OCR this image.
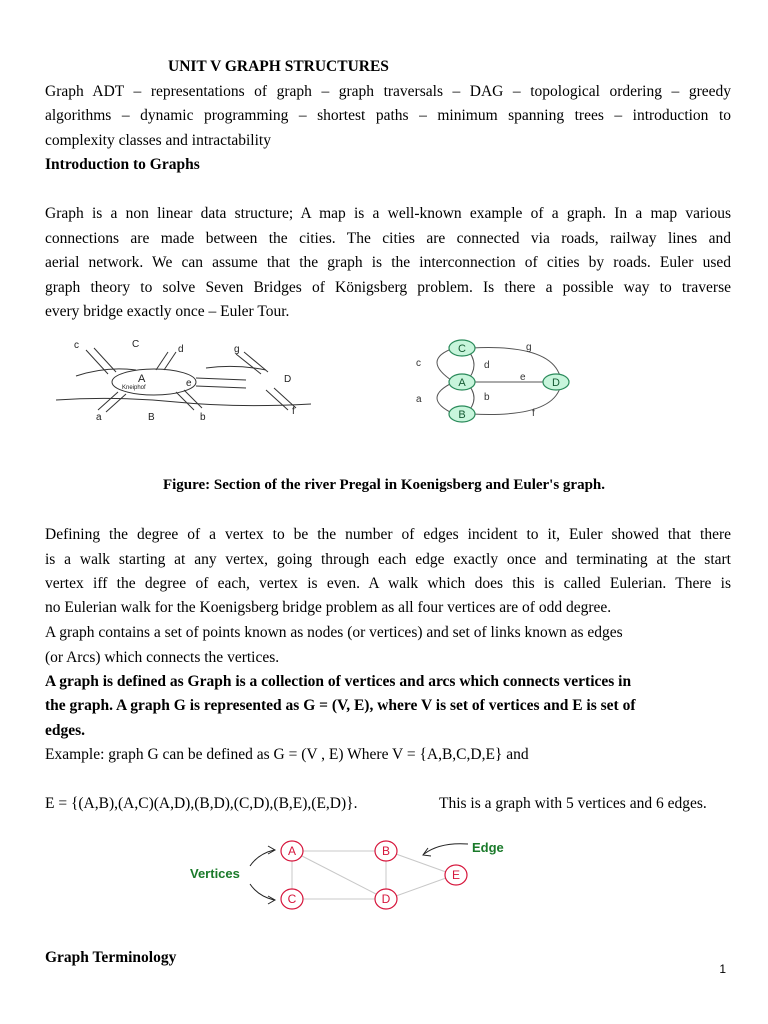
UNIT V GRAPH STRUCTURES
Graph ADT – representations of graph – graph traversals – DAG – topological ordering – greedy
algorithms – dynamic programming – shortest paths – minimum spanning trees – introduction to
complexity classes and intractability
Introduction to Graphs
Graph is a non linear data structure; A map is a well-known example of a graph. In a map various
connections are made between the cities. The cities are connected via roads, railway lines and
aerial network. We can assume that the graph is the interconnection of cities by roads. Euler used
graph theory to solve Seven Bridges of Königsberg problem. Is there a possible way to traverse
every bridge exactly once – Euler Tour.
c	C	d	g
A
Kneiphof	e	D
a	B	b
f
C
A
B
D
g
c	d
e
a	b
f
Figure: Section of the river Pregal in Koenigsberg and Euler's graph.
Defining the degree of a vertex to be the number of edges incident to it, Euler showed that there
is a walk starting at any vertex, going through each edge exactly once and terminating at the start
vertex iff the degree of each, vertex is even. A walk which does this is called Eulerian. There is
no Eulerian walk for the Koenigsberg bridge problem as all four vertices are of odd degree.
A graph contains a set of points known as nodes (or vertices) and set of links known as edges
(or Arcs) which connects the vertices.
A graph is defined as Graph is a collection of vertices and arcs which connects vertices in
the graph. A graph G is represented as G = (V, E), where V is set of vertices and E is set of
edges.
Example: graph G can be defined as G = (V , E) Where V = {A,B,C,D,E} and
E = {(A,B),(A,C)(A,D),(B,D),(C,D),(B,E),(E,D)}.	This is a graph with 5 vertices and 6 edges.
A	B
C	D
E
Vertices
Edge
Graph Terminology
1
